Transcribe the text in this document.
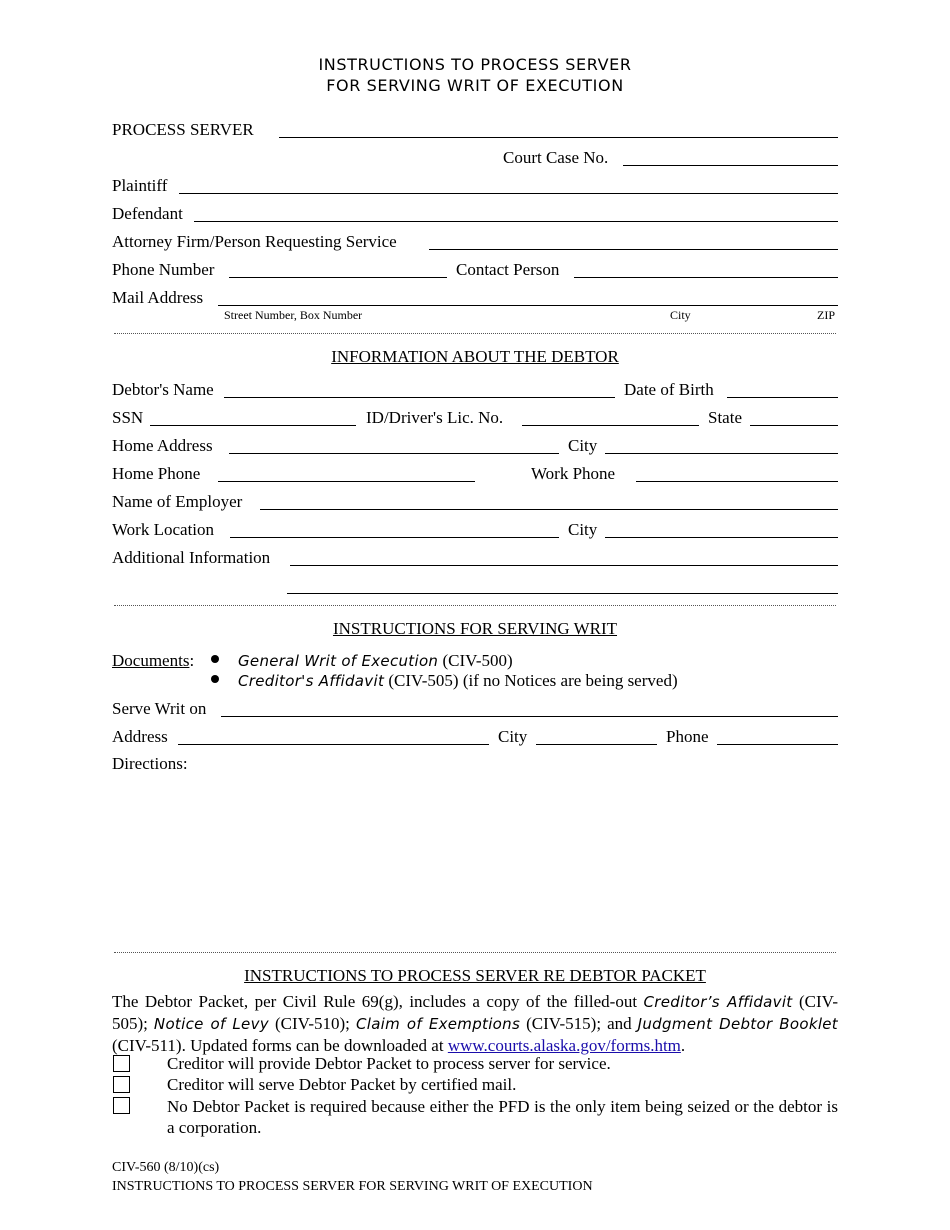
INSTRUCTIONS TO PROCESS SERVER
FOR SERVING WRIT OF EXECUTION
PROCESS SERVER
Court Case No.
Plaintiff
Defendant
Attorney Firm/Person Requesting Service
Phone Number	Contact Person
Mail Address
Street Number, Box Number	City	ZIP
INFORMATION ABOUT THE DEBTOR
Debtor's Name	Date of Birth
SSN	ID/Driver's Lic. No.	State
Home Address	City
Home Phone	Work Phone
Name of Employer
Work Location	City
Additional Information
INSTRUCTIONS FOR SERVING WRIT
Documents:	General Writ of Execution (CIV-500)
Creditor's Affidavit (CIV-505) (if no Notices are being served)
Serve Writ on
Address	City	Phone
Directions:
INSTRUCTIONS TO PROCESS SERVER RE DEBTOR PACKET
The Debtor Packet, per Civil Rule 69(g), includes a copy of the filled-out Creditor’s Affidavit (CIV-505); Notice of Levy (CIV-510); Claim of Exemptions (CIV-515); and Judgment Debtor Booklet (CIV-511). Updated forms can be downloaded at www.courts.alaska.gov/forms.htm.
Creditor will provide Debtor Packet to process server for service.
Creditor will serve Debtor Packet by certified mail.
No Debtor Packet is required because either the PFD is the only item being seized or the debtor is a corporation.
CIV-560 (8/10)(cs)
INSTRUCTIONS TO PROCESS SERVER FOR SERVING WRIT OF EXECUTION
